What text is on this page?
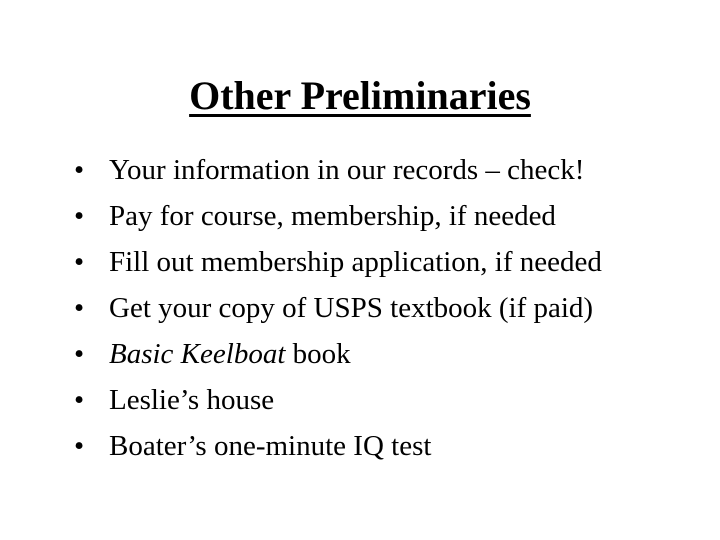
Other Preliminaries
• Your information in our records – check!
• Pay for course, membership, if needed
• Fill out membership application, if needed
• Get your copy of USPS textbook (if paid)
• Basic Keelboat book
• Leslie’s house
• Boater’s one-minute IQ test
